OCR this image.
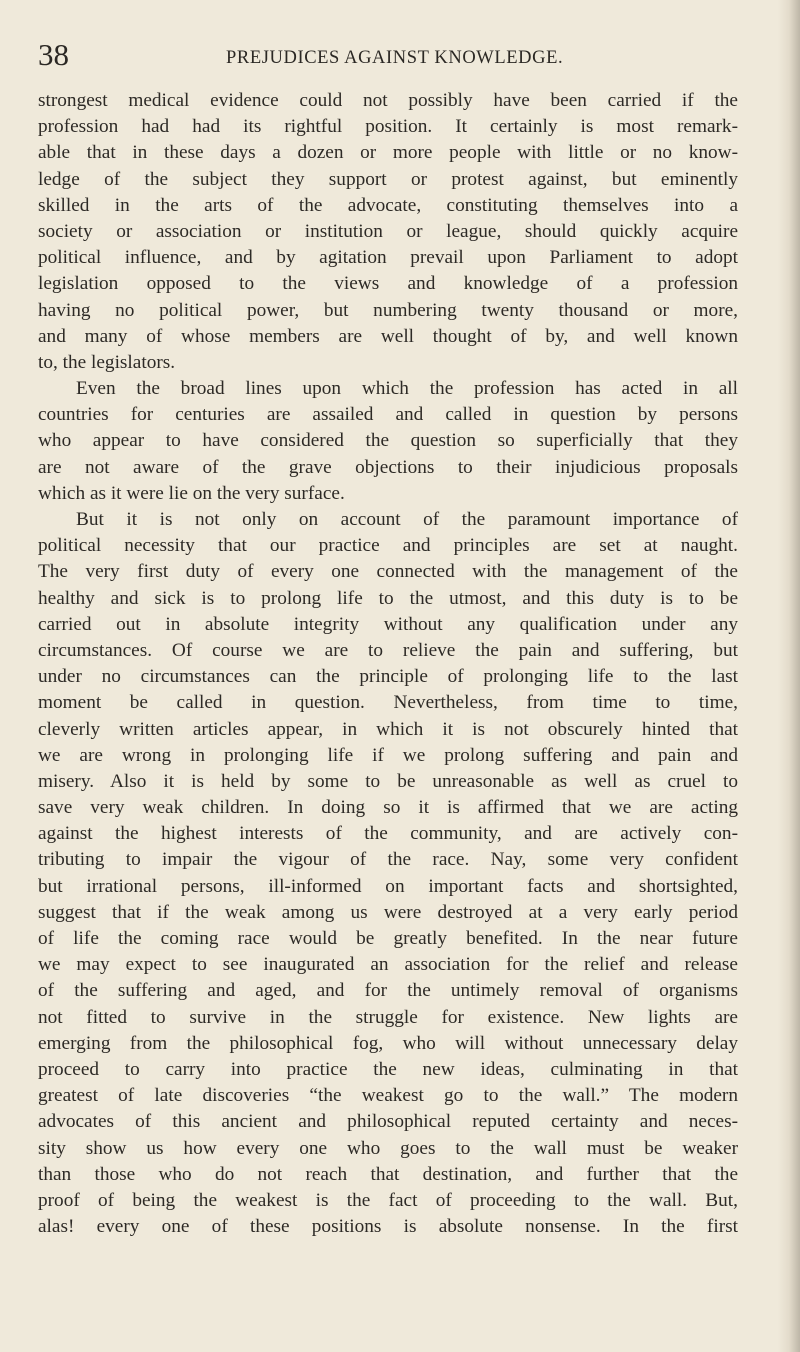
38	PREJUDICES AGAINST KNOWLEDGE.
strongest medical evidence could not possibly have been carried if the
profession had had its rightful position. It certainly is most remark-
able that in these days a dozen or more people with little or no know-
ledge of the subject they support or protest against, but eminently
skilled in the arts of the advocate, constituting themselves into a
society or association or institution or league, should quickly acquire
political influence, and by agitation prevail upon Parliament to adopt
legislation opposed to the views and knowledge of a profession
having no political power, but numbering twenty thousand or more,
and many of whose members are well thought of by, and well known
to, the legislators.
Even the broad lines upon which the profession has acted in all
countries for centuries are assailed and called in question by persons
who appear to have considered the question so superficially that they
are not aware of the grave objections to their injudicious proposals
which as it were lie on the very surface.
But it is not only on account of the paramount importance of
political necessity that our practice and principles are set at naught.
The very first duty of every one connected with the management of the
healthy and sick is to prolong life to the utmost, and this duty is to be
carried out in absolute integrity without any qualification under any
circumstances. Of course we are to relieve the pain and suffering, but
under no circumstances can the principle of prolonging life to the last
moment be called in question. Nevertheless, from time to time,
cleverly written articles appear, in which it is not obscurely hinted that
we are wrong in prolonging life if we prolong suffering and pain and
misery. Also it is held by some to be unreasonable as well as cruel to
save very weak children. In doing so it is affirmed that we are acting
against the highest interests of the community, and are actively con-
tributing to impair the vigour of the race. Nay, some very confident
but irrational persons, ill-informed on important facts and shortsighted,
suggest that if the weak among us were destroyed at a very early period
of life the coming race would be greatly benefited. In the near future
we may expect to see inaugurated an association for the relief and release
of the suffering and aged, and for the untimely removal of organisms
not fitted to survive in the struggle for existence. New lights are
emerging from the philosophical fog, who will without unnecessary delay
proceed to carry into practice the new ideas, culminating in that
greatest of late discoveries “the weakest go to the wall.” The modern
advocates of this ancient and philosophical reputed certainty and neces-
sity show us how every one who goes to the wall must be weaker
than those who do not reach that destination, and further that the
proof of being the weakest is the fact of proceeding to the wall. But,
alas! every one of these positions is absolute nonsense. In the first
